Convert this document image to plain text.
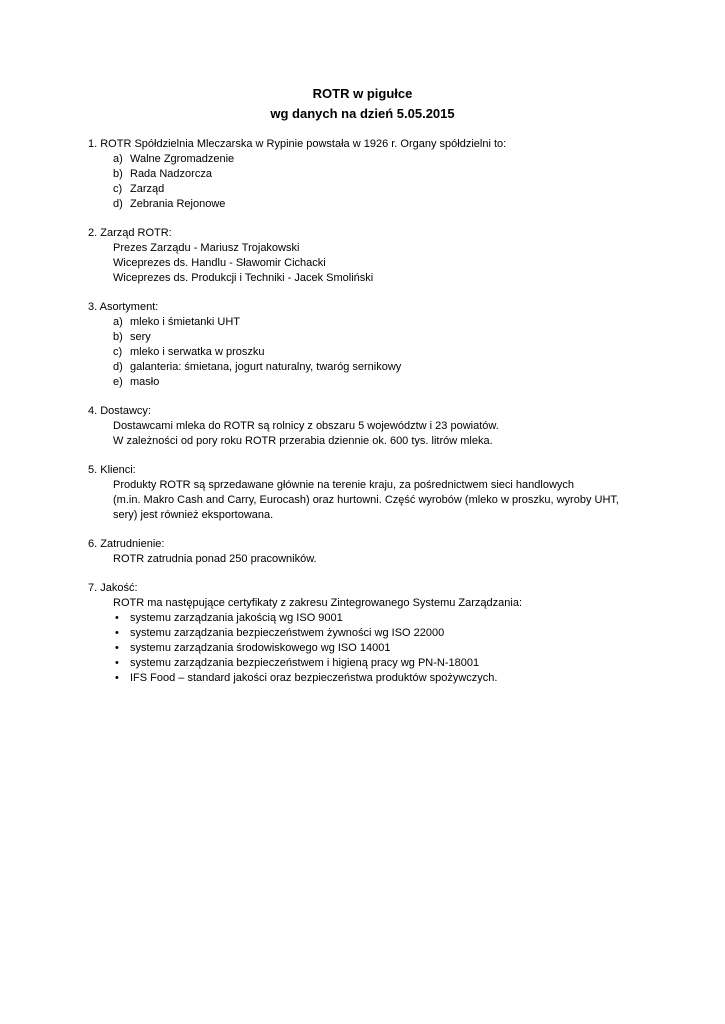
ROTR w pigułce
wg danych na dzień 5.05.2015
1. ROTR Spółdzielnia Mleczarska w Rypinie powstała w 1926 r. Organy spółdzielni to:
a) Walne Zgromadzenie
b) Rada Nadzorcza
c) Zarząd
d) Zebrania Rejonowe
2. Zarząd ROTR:
Prezes Zarządu - Mariusz Trojakowski
Wiceprezes ds. Handlu - Sławomir Cichacki
Wiceprezes ds. Produkcji i Techniki - Jacek Smoliński
3. Asortyment:
a) mleko i śmietanki UHT
b) sery
c) mleko i serwatka w proszku
d) galanteria: śmietana, jogurt naturalny, twaróg sernikowy
e) masło
4. Dostawcy:
Dostawcami mleka do ROTR są rolnicy z obszaru 5 województw i 23 powiatów.
W zależności od pory roku ROTR przerabia dziennie ok. 600 tys. litrów mleka.
5. Klienci:
Produkty ROTR są sprzedawane głównie na terenie kraju, za pośrednictwem sieci handlowych
(m.in. Makro Cash and Carry, Eurocash) oraz hurtowni. Część wyrobów (mleko w proszku, wyroby UHT,
sery) jest również eksportowana.
6. Zatrudnienie:
ROTR zatrudnia ponad 250 pracowników.
7. Jakość:
ROTR ma następujące certyfikaty z zakresu Zintegrowanego Systemu Zarządzania:
• systemu zarządzania jakością wg ISO 9001
• systemu zarządzania bezpieczeństwem żywności wg ISO 22000
• systemu zarządzania środowiskowego wg ISO 14001
• systemu zarządzania bezpieczeństwem i higieną pracy wg PN-N-18001
• IFS Food – standard jakości oraz bezpieczeństwa produktów spożywczych.
